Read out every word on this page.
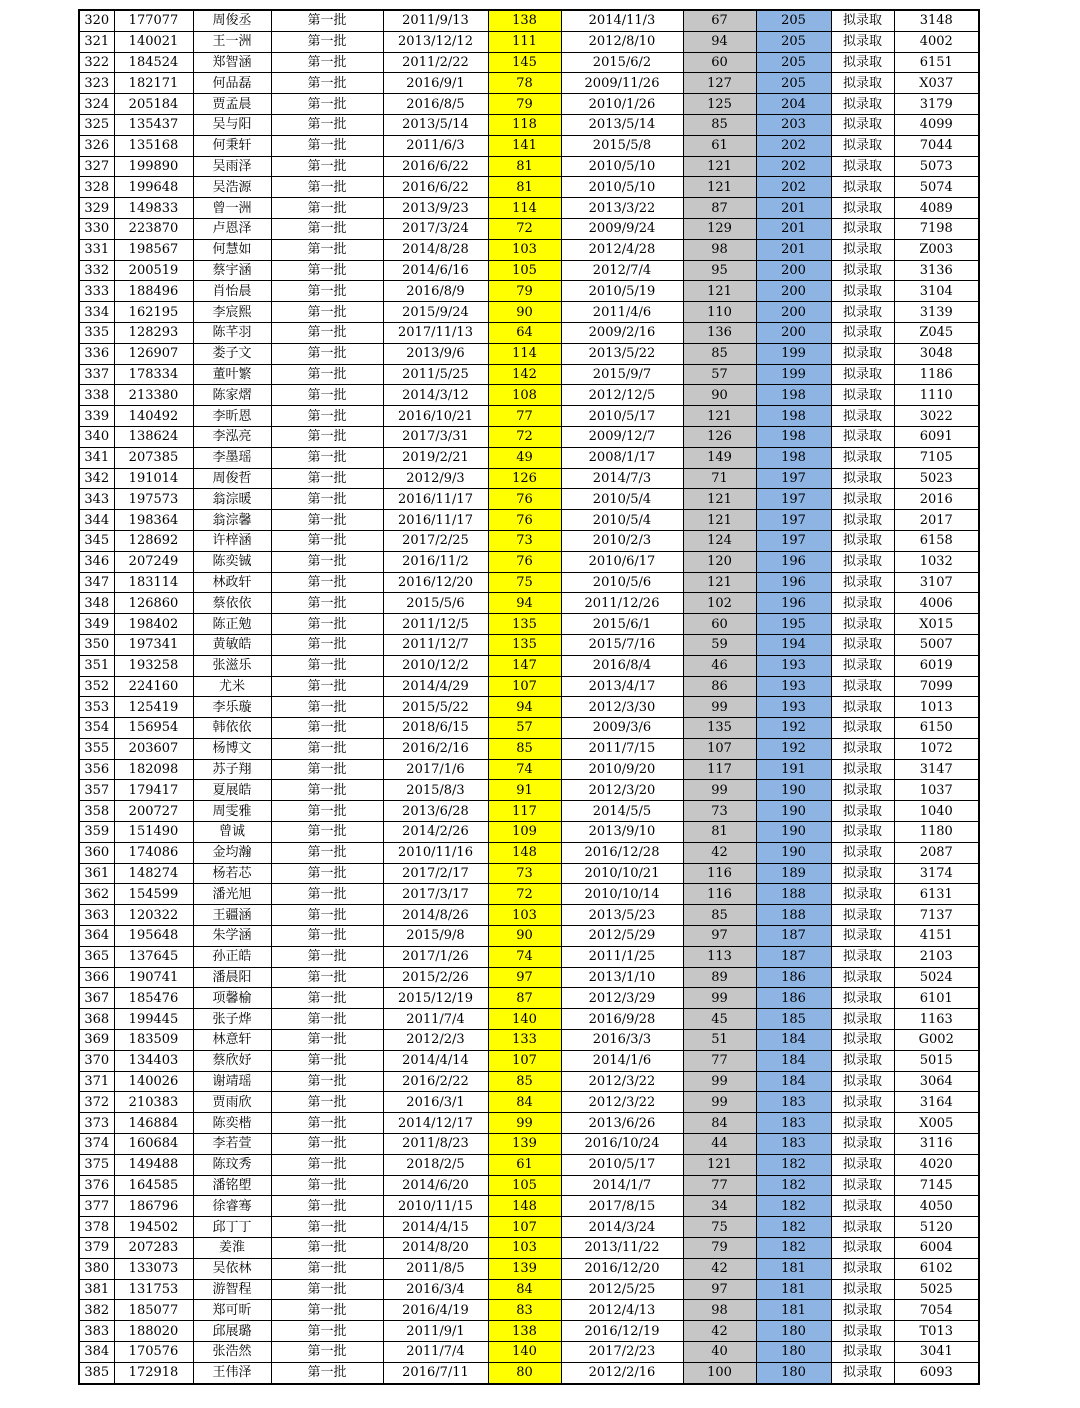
320	177077	周俊丞	第一批	2011/9/13	138	2014/11/3	67	205	拟录取	3148
321	140021	王一洲	第一批	2013/12/12	111	2012/8/10	94	205	拟录取	4002
322	184524	郑智涵	第一批	2011/2/22	145	2015/6/2	60	205	拟录取	6151
323	182171	何品磊	第一批	2016/9/1	78	2009/11/26	127	205	拟录取	X037
324	205184	贾孟晨	第一批	2016/8/5	79	2010/1/26	125	204	拟录取	3179
325	135437	吴与阳	第一批	2013/5/14	118	2013/5/14	85	203	拟录取	4099
326	135168	何秉轩	第一批	2011/6/3	141	2015/5/8	61	202	拟录取	7044
327	199890	吴雨泽	第一批	2016/6/22	81	2010/5/10	121	202	拟录取	5073
328	199648	吴浩源	第一批	2016/6/22	81	2010/5/10	121	202	拟录取	5074
329	149833	曾一洲	第一批	2013/9/23	114	2013/3/22	87	201	拟录取	4089
330	223870	卢恩泽	第一批	2017/3/24	72	2009/9/24	129	201	拟录取	7198
331	198567	何慧如	第一批	2014/8/28	103	2012/4/28	98	201	拟录取	Z003
332	200519	蔡宇涵	第一批	2014/6/16	105	2012/7/4	95	200	拟录取	3136
333	188496	肖怡晨	第一批	2016/8/9	79	2010/5/19	121	200	拟录取	3104
334	162195	李宸熙	第一批	2015/9/24	90	2011/4/6	110	200	拟录取	3139
335	128293	陈芊羽	第一批	2017/11/13	64	2009/2/16	136	200	拟录取	Z045
336	126907	娄子文	第一批	2013/9/6	114	2013/5/22	85	199	拟录取	3048
337	178334	董叶繁	第一批	2011/5/25	142	2015/9/7	57	199	拟录取	1186
338	213380	陈家熠	第一批	2014/3/12	108	2012/12/5	90	198	拟录取	1110
339	140492	李昕恩	第一批	2016/10/21	77	2010/5/17	121	198	拟录取	3022
340	138624	李泓亮	第一批	2017/3/31	72	2009/12/7	126	198	拟录取	6091
341	207385	李墨瑶	第一批	2019/2/21	49	2008/1/17	149	198	拟录取	7105
342	191014	周俊哲	第一批	2012/9/3	126	2014/7/3	71	197	拟录取	5023
343	197573	翁淙暖	第一批	2016/11/17	76	2010/5/4	121	197	拟录取	2016
344	198364	翁淙馨	第一批	2016/11/17	76	2010/5/4	121	197	拟录取	2017
345	128692	许梓涵	第一批	2017/2/25	73	2010/2/3	124	197	拟录取	6158
346	207249	陈奕铖	第一批	2016/11/2	76	2010/6/17	120	196	拟录取	1032
347	183114	林政轩	第一批	2016/12/20	75	2010/5/6	121	196	拟录取	3107
348	126860	蔡依依	第一批	2015/5/6	94	2011/12/26	102	196	拟录取	4006
349	198402	陈正勉	第一批	2011/12/5	135	2015/6/1	60	195	拟录取	X015
350	197341	黄敏皓	第一批	2011/12/7	135	2015/7/16	59	194	拟录取	5007
351	193258	张滋乐	第一批	2010/12/2	147	2016/8/4	46	193	拟录取	6019
352	224160	尤米	第一批	2014/4/29	107	2013/4/17	86	193	拟录取	7099
353	125419	李乐璇	第一批	2015/5/22	94	2012/3/30	99	193	拟录取	1013
354	156954	韩依依	第一批	2018/6/15	57	2009/3/6	135	192	拟录取	6150
355	203607	杨博文	第一批	2016/2/16	85	2011/7/15	107	192	拟录取	1072
356	182098	苏子翔	第一批	2017/1/6	74	2010/9/20	117	191	拟录取	3147
357	179417	夏展皓	第一批	2015/8/3	91	2012/3/20	99	190	拟录取	1037
358	200727	周雯雅	第一批	2013/6/28	117	2014/5/5	73	190	拟录取	1040
359	151490	曾诚	第一批	2014/2/26	109	2013/9/10	81	190	拟录取	1180
360	174086	金均瀚	第一批	2010/11/16	148	2016/12/28	42	190	拟录取	2087
361	148274	杨若芯	第一批	2017/2/17	73	2010/10/21	116	189	拟录取	3174
362	154599	潘光旭	第一批	2017/3/17	72	2010/10/14	116	188	拟录取	6131
363	120322	王疆涵	第一批	2014/8/26	103	2013/5/23	85	188	拟录取	7137
364	195648	朱学涵	第一批	2015/9/8	90	2012/5/29	97	187	拟录取	4151
365	137645	孙正皓	第一批	2017/1/26	74	2011/1/25	113	187	拟录取	2103
366	190741	潘晨阳	第一批	2015/2/26	97	2013/1/10	89	186	拟录取	5024
367	185476	项馨榆	第一批	2015/12/19	87	2012/3/29	99	186	拟录取	6101
368	199445	张子烨	第一批	2011/7/4	140	2016/9/28	45	185	拟录取	1163
369	183509	林意轩	第一批	2012/2/3	133	2016/3/3	51	184	拟录取	G002
370	134403	蔡欣妤	第一批	2014/4/14	107	2014/1/6	77	184	拟录取	5015
371	140026	谢靖瑶	第一批	2016/2/22	85	2012/3/22	99	184	拟录取	3064
372	210383	贾雨欣	第一批	2016/3/1	84	2012/3/22	99	183	拟录取	3164
373	146884	陈奕楷	第一批	2014/12/17	99	2013/6/26	84	183	拟录取	X005
374	160684	李若萱	第一批	2011/8/23	139	2016/10/24	44	183	拟录取	3116
375	149488	陈玟秀	第一批	2018/2/5	61	2010/5/17	121	182	拟录取	4020
376	164585	潘铭塱	第一批	2014/6/20	105	2014/1/7	77	182	拟录取	7145
377	186796	徐睿骞	第一批	2010/11/15	148	2017/8/15	34	182	拟录取	4050
378	194502	邱丁丁	第一批	2014/4/15	107	2014/3/24	75	182	拟录取	5120
379	207283	姜淮	第一批	2014/8/20	103	2013/11/22	79	182	拟录取	6004
380	133073	吴依林	第一批	2011/8/5	139	2016/12/20	42	181	拟录取	6102
381	131753	游智程	第一批	2016/3/4	84	2012/5/25	97	181	拟录取	5025
382	185077	郑可昕	第一批	2016/4/19	83	2012/4/13	98	181	拟录取	7054
383	188020	邱展璐	第一批	2011/9/1	138	2016/12/19	42	180	拟录取	T013
384	170576	张浩然	第一批	2011/7/4	140	2017/2/23	40	180	拟录取	3041
385	172918	王伟泽	第一批	2016/7/11	80	2012/2/16	100	180	拟录取	6093
